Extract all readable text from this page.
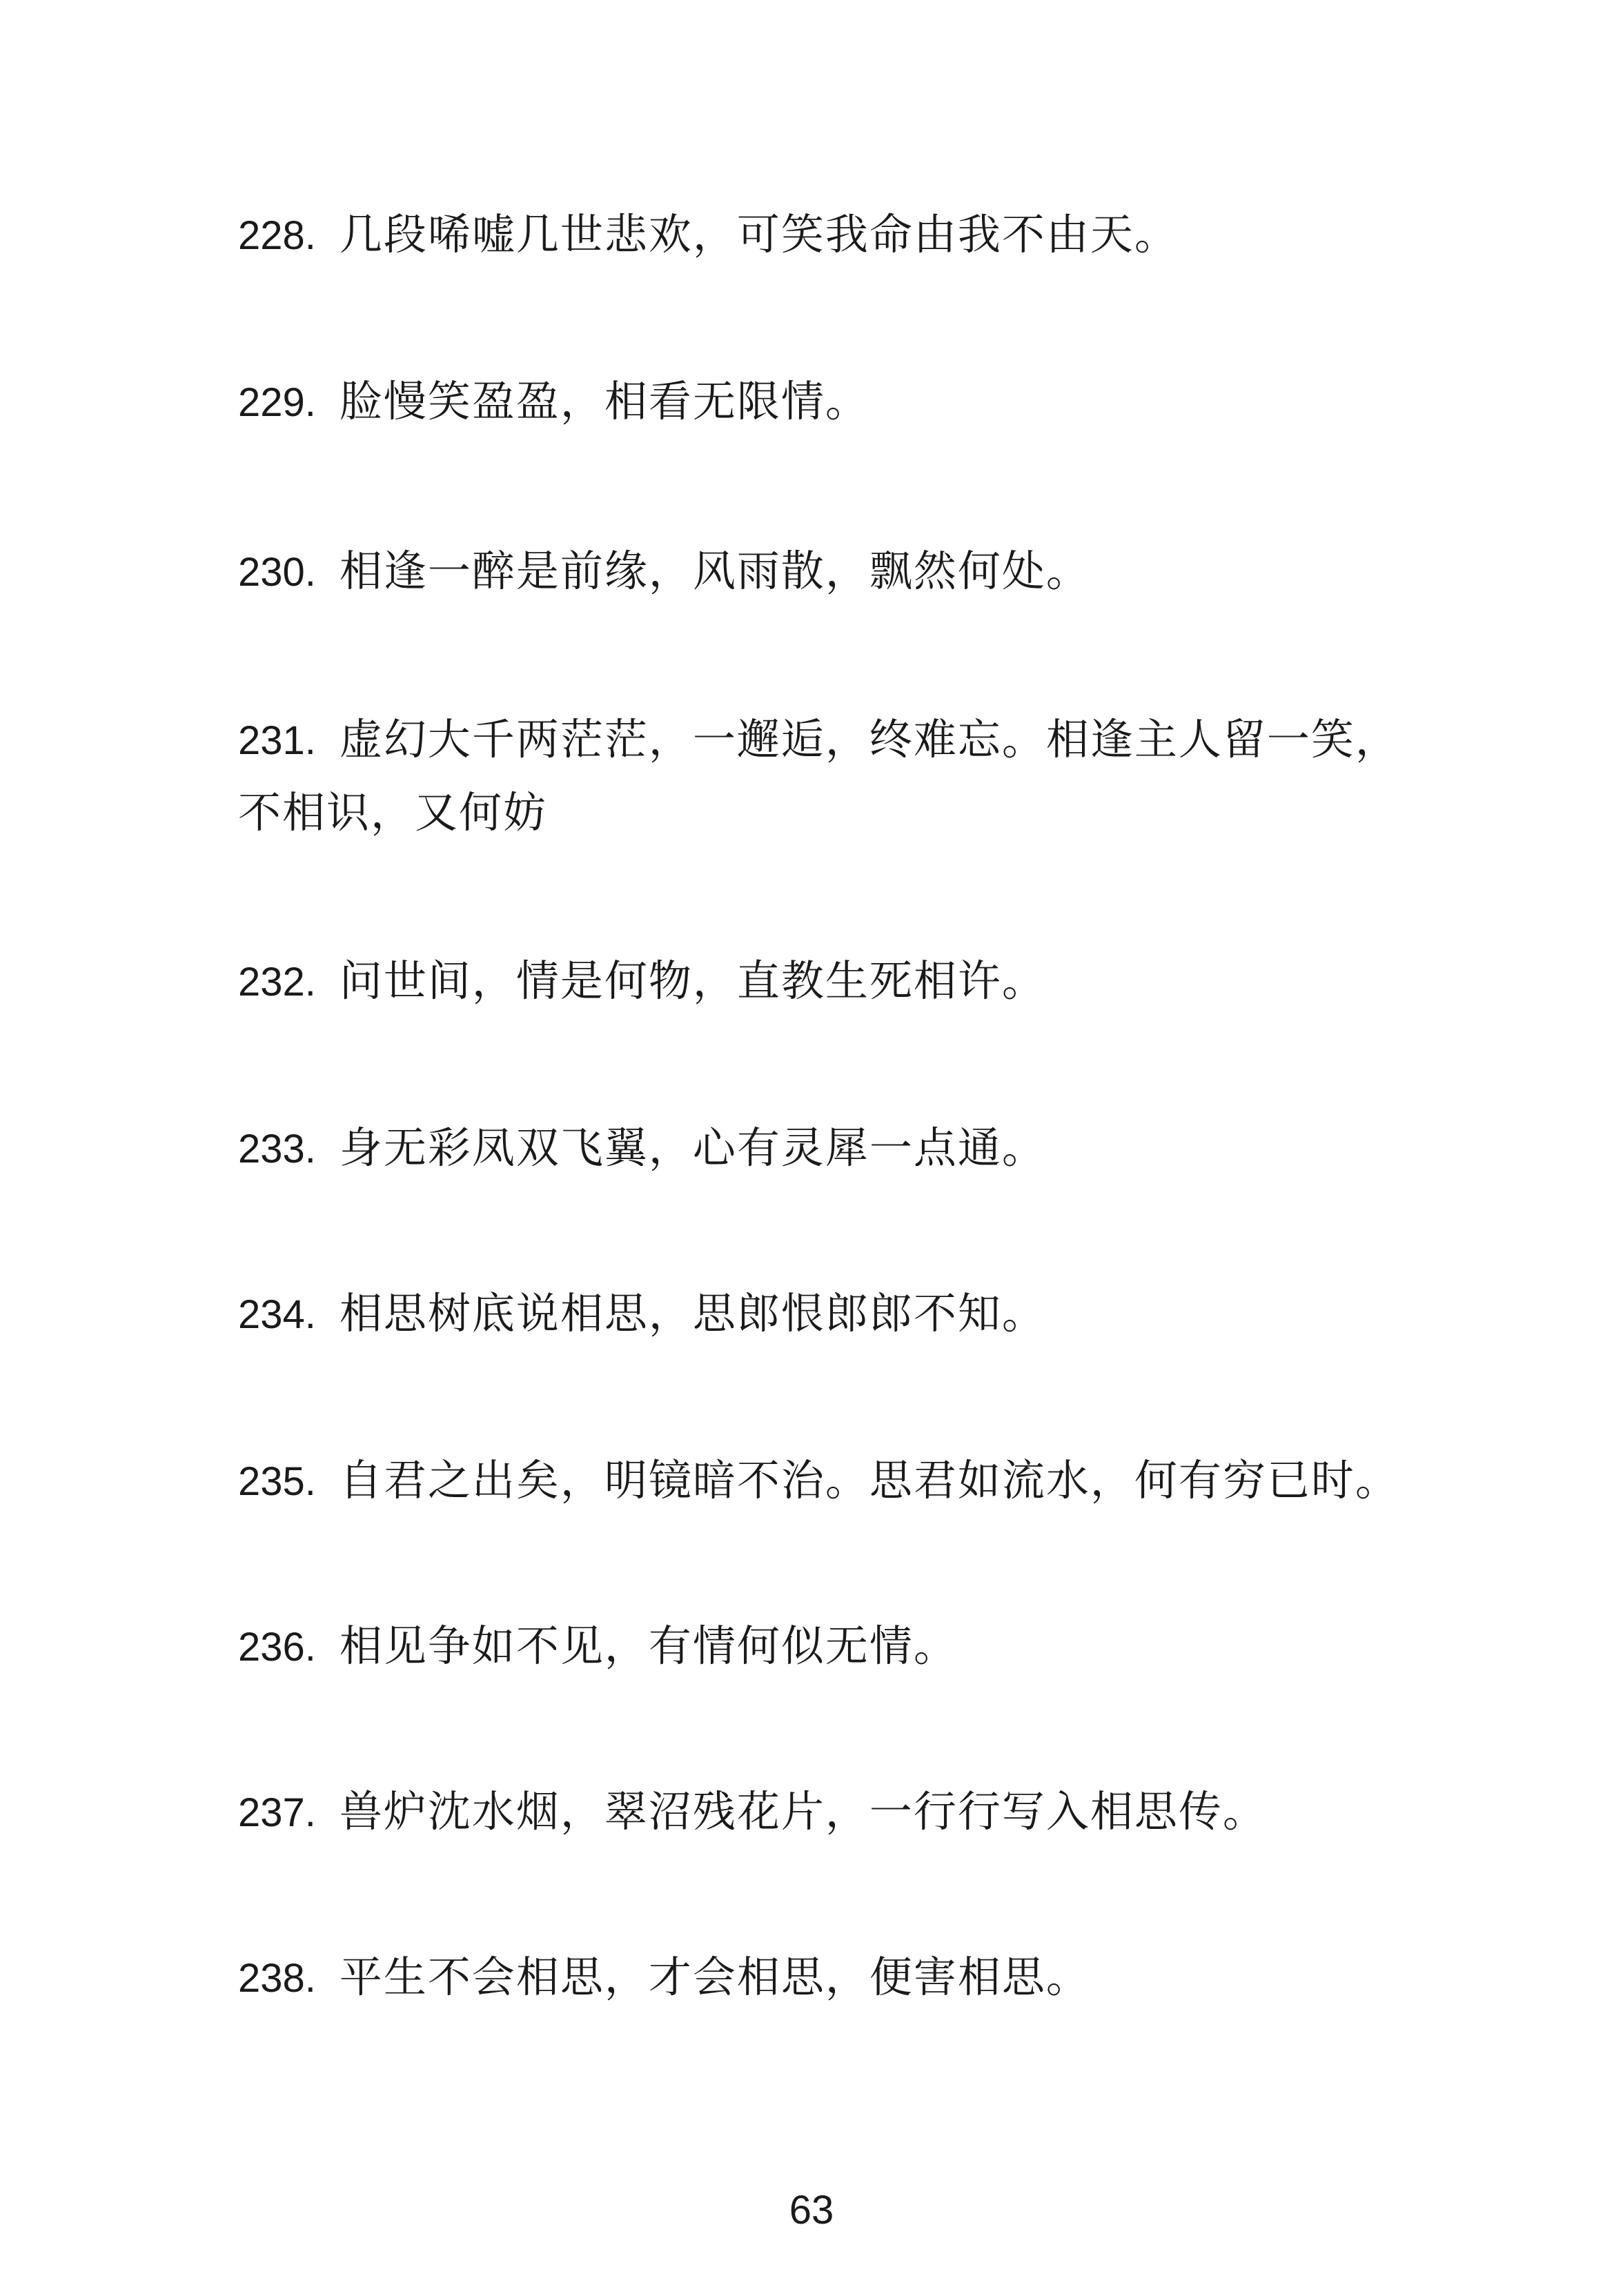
228. 几段唏嘘几世悲欢，可笑我命由我不由天。
229. 脸慢笑盈盈，相看无限情。
230. 相逢一醉是前缘，风雨散，飘然何处。
231. 虚幻大千两茫茫，一邂逅，终难忘。相逢主人留一笑，不相识，又何妨
232. 问世间，情是何物，直教生死相许。
233. 身无彩凤双飞翼，心有灵犀一点通。
234. 相思树底说相思，思郎恨郎郎不知。
235. 自君之出矣，明镜暗不治。思君如流水，何有穷已时。
236. 相见争如不见，有情何似无情。
237. 兽炉沈水烟，翠沼残花片，一行行写入相思传。
238. 平生不会相思，才会相思，便害相思。
63
